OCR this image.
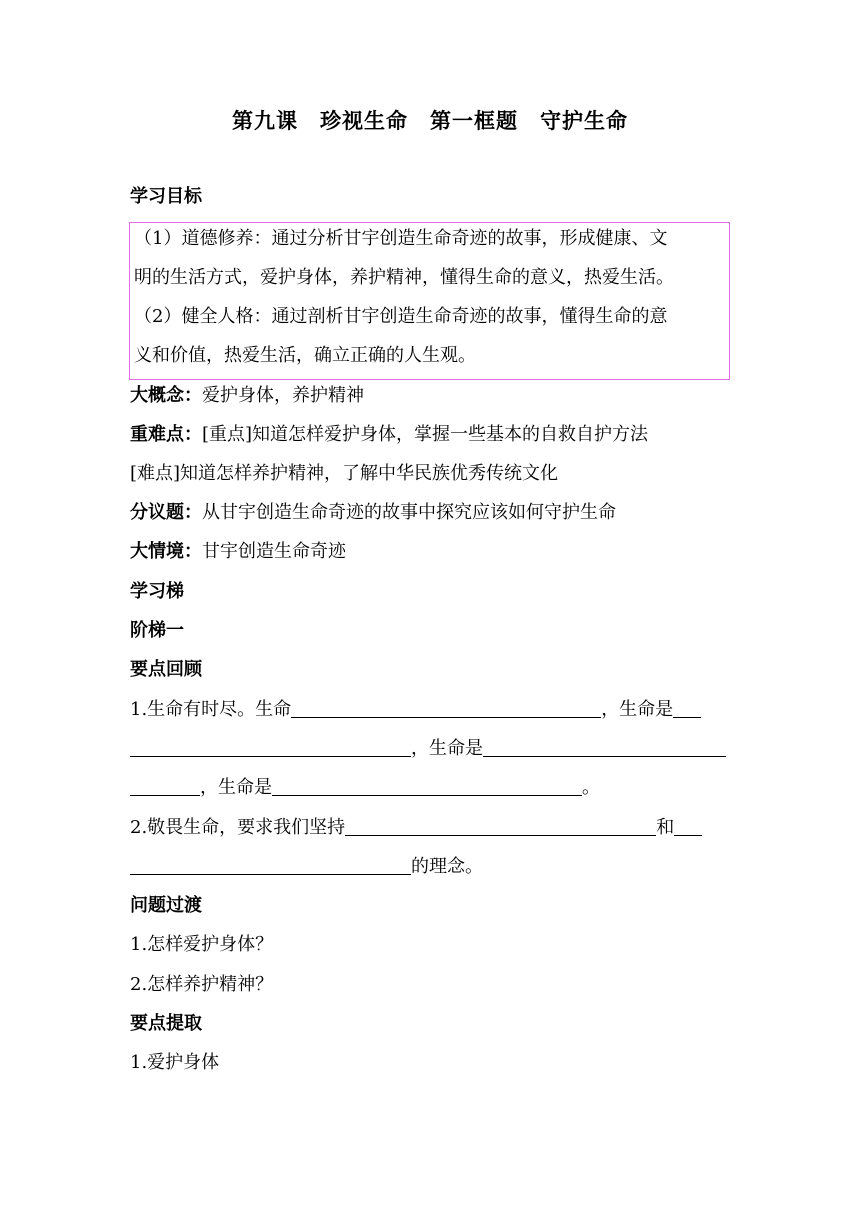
第九课　珍视生命　第一框题　守护生命
学习目标
（1）道德修养：通过分析甘宇创造生命奇迹的故事，形成健康、文
明的生活方式，爱护身体，养护精神，懂得生命的意义，热爱生活。
（2）健全人格：通过剖析甘宇创造生命奇迹的故事，懂得生命的意
义和价值，热爱生活，确立正确的人生观。
大概念：爱护身体，养护精神
重难点：[重点]知道怎样爱护身体，掌握一些基本的自救自护方法
[难点]知道怎样养护精神，了解中华民族优秀传统文化
分议题：从甘宇创造生命奇迹的故事中探究应该如何守护生命
大情境：甘宇创造生命奇迹
学习梯
阶梯一
要点回顾
1.生命有时尽。生命	，生命是
，生命是
，生命是	。
2.敬畏生命，要求我们坚持	和
的理念。
问题过渡
1.怎样爱护身体？
2.怎样养护精神？
要点提取
1.爱护身体
